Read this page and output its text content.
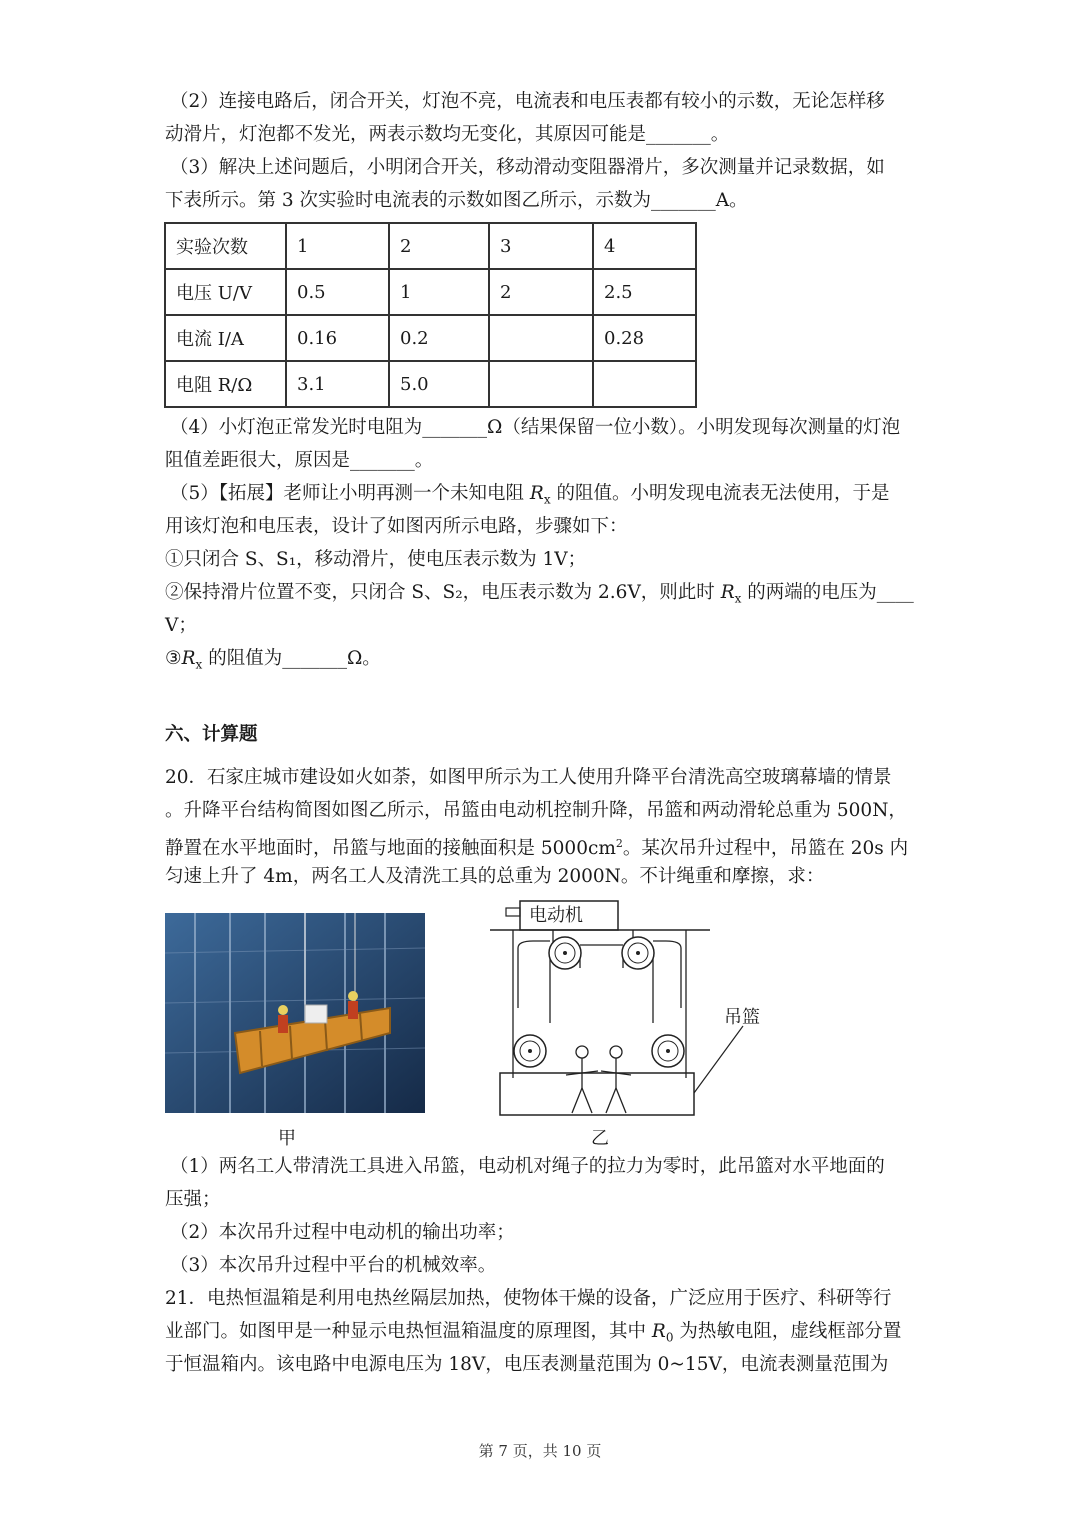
（2）连接电路后，闭合开关，灯泡不亮，电流表和电压表都有较小的示数，无论怎样移
动滑片，灯泡都不发光，两表示数均无变化，其原因可能是_______。
（3）解决上述问题后，小明闭合开关，移动滑动变阻器滑片，多次测量并记录数据，如
下表所示。第 3 次实验时电流表的示数如图乙所示，示数为_______A。
实验次数	1	2	3	4
电压 U/V	0.5	1	2	2.5
电流 I/A	0.16	0.2		0.28
电阻 R/Ω	3.1	5.0		
（4）小灯泡正常发光时电阻为_______Ω（结果保留一位小数）。小明发现每次测量的灯泡
阻值差距很大，原因是_______。
（5）【拓展】老师让小明再测一个未知电阻 $R_x$ 的阻值。小明发现电流表无法使用，于是
用该灯泡和电压表，设计了如图丙所示电路，步骤如下：
①只闭合 S、S₁，移动滑片，使电压表示数为 1V；
②保持滑片位置不变，只闭合 S、S₂，电压表示数为 2.6V，则此时 $R_x$ 的两端的电压为____
V；
$③R_x$ 的阻值为_______Ω。
六、计算题
20．石家庄城市建设如火如荼，如图甲所示为工人使用升降平台清洗高空玻璃幕墙的情景
。升降平台结构简图如图乙所示，吊篮由电动机控制升降，吊篮和两动滑轮总重为 500N，
静置在水平地面时，吊篮与地面的接触面积是 $5000cm^2$。某次吊升过程中，吊篮在 20s 内
匀速上升了 4m，两名工人及清洗工具的总重为 2000N。不计绳重和摩擦，求：
甲
电动机
吊篮
乙
（1）两名工人带清洗工具进入吊篮，电动机对绳子的拉力为零时，此吊篮对水平地面的
压强；
（2）本次吊升过程中电动机的输出功率；
（3）本次吊升过程中平台的机械效率。
21．电热恒温箱是利用电热丝隔层加热，使物体干燥的设备，广泛应用于医疗、科研等行
业部门。如图甲是一种显示电热恒温箱温度的原理图，其中 $R_0$ 为热敏电阻，虚线框部分置
于恒温箱内。该电路中电源电压为 18V，电压表测量范围为 0~15V，电流表测量范围为
第 7 页，共 10 页
